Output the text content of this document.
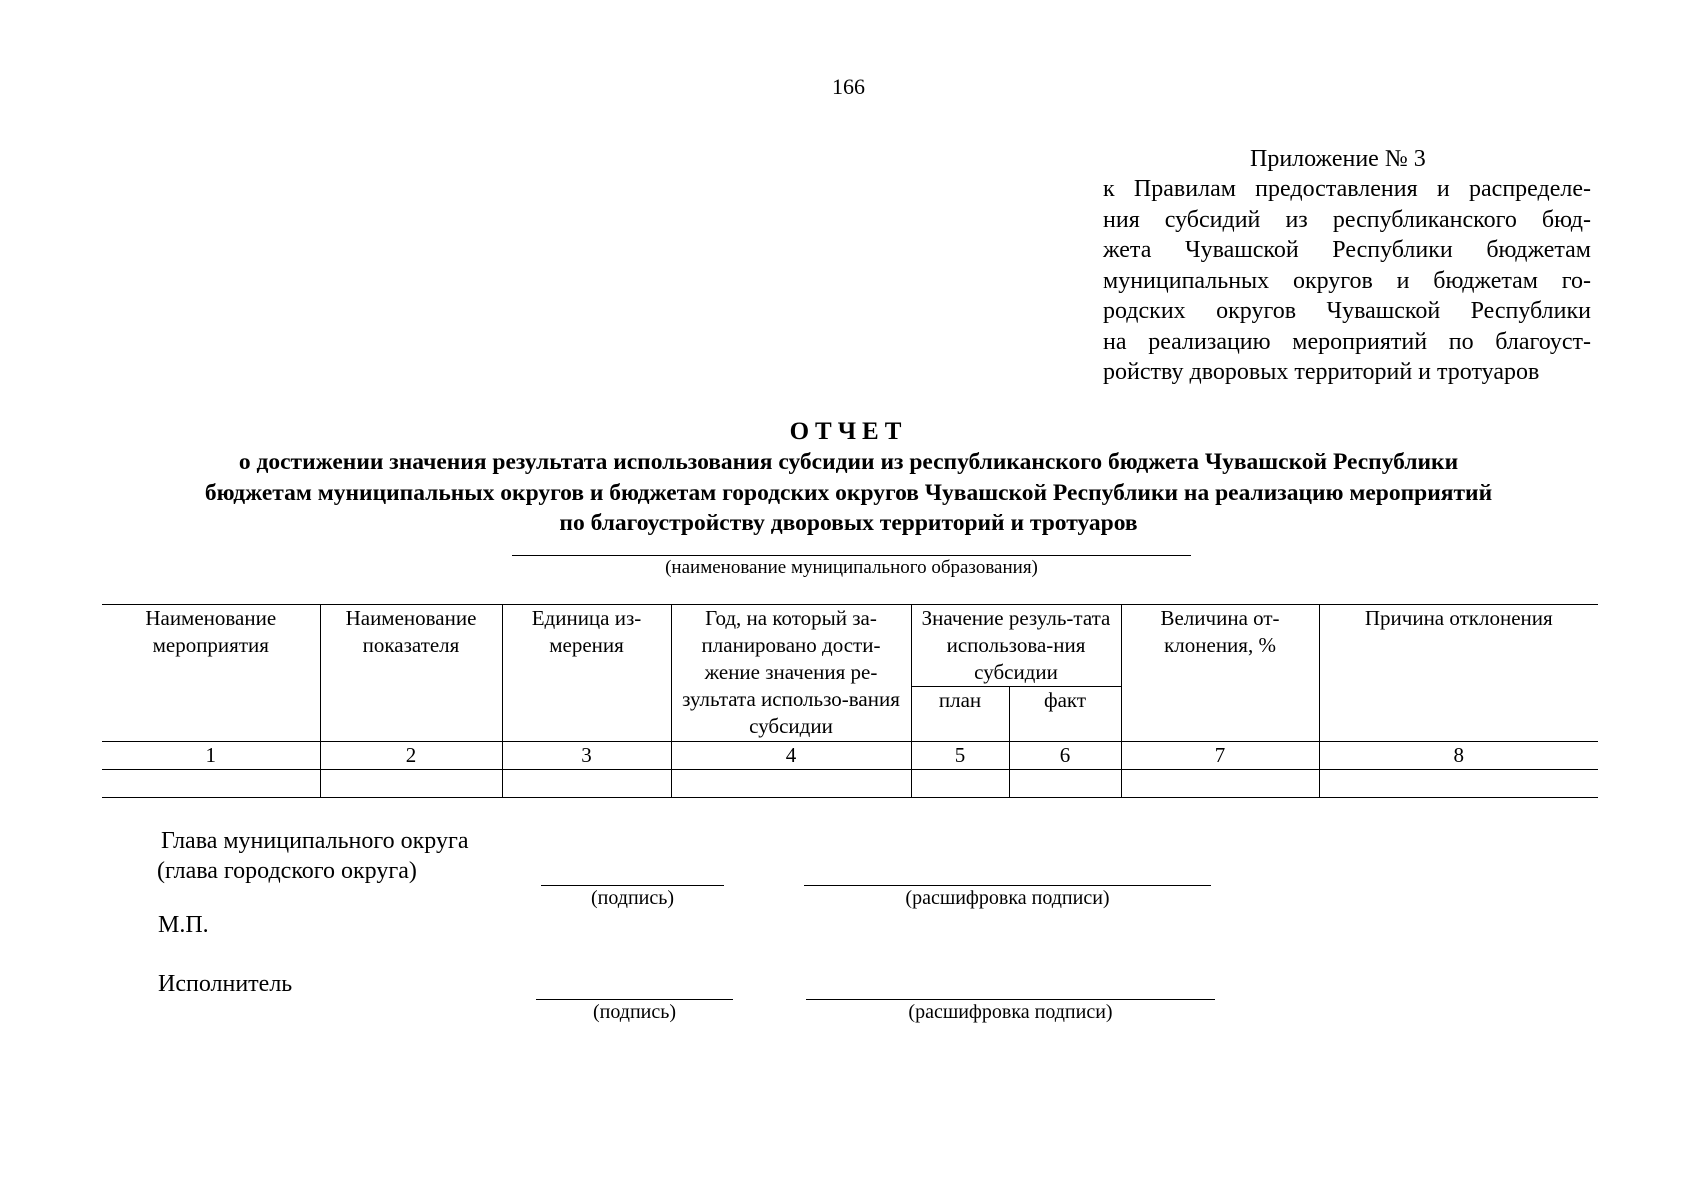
166
Приложение № 3
к Правилам предоставления и распределе-
ния субсидий из республиканского бюд-
жета Чувашской Республики бюджетам
муниципальных округов и бюджетам го-
родских округов Чувашской Республики
на реализацию мероприятий по благоуст-
ройству дворовых территорий и тротуаров
ОТЧЕТ
о достижении значения результата использования субсидии из республиканского бюджета Чувашской Республики
бюджетам муниципальных округов и бюджетам городских округов Чувашской Республики на реализацию мероприятий
по благоустройству дворовых территорий и тротуаров
(наименование муниципального образования)
Наименование мероприятия	Наименование показателя	Единица из-мерения	Год, на который за-планировано дости-жение значения ре-зультата использо-вания субсидии	Значение резуль-тата использова-ния субсидии		Величина от-клонения, %	Причина отклонения
				план	факт		
1	2	3	4	5	6	7	8

Глава муниципального округа
(глава городского округа)
(подпись)	(расшифровка подписи)
М.П.
Исполнитель
(подпись)	(расшифровка подписи)
